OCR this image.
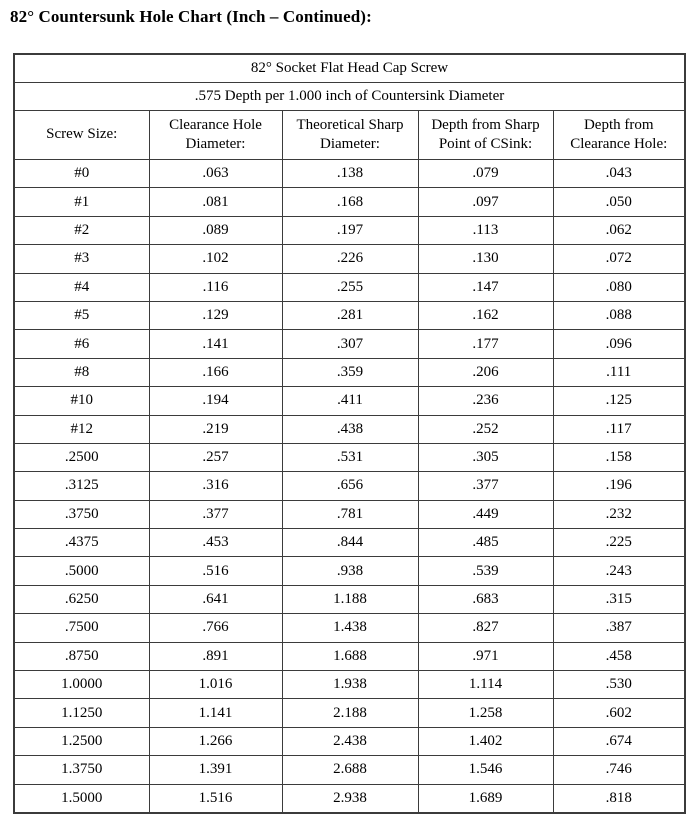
82° Countersunk Hole Chart (Inch – Continued):
82° Socket Flat Head Cap Screw				
.575 Depth per 1.000 inch of Countersink Diameter				
Screw Size:	Clearance Hole Diameter:	Theoretical Sharp Diameter:	Depth from Sharp Point of CSink:	Depth from Clearance Hole:
#0	.063	.138	.079	.043
#1	.081	.168	.097	.050
#2	.089	.197	.113	.062
#3	.102	.226	.130	.072
#4	.116	.255	.147	.080
#5	.129	.281	.162	.088
#6	.141	.307	.177	.096
#8	.166	.359	.206	.111
#10	.194	.411	.236	.125
#12	.219	.438	.252	.117
.2500	.257	.531	.305	.158
.3125	.316	.656	.377	.196
.3750	.377	.781	.449	.232
.4375	.453	.844	.485	.225
.5000	.516	.938	.539	.243
.6250	.641	1.188	.683	.315
.7500	.766	1.438	.827	.387
.8750	.891	1.688	.971	.458
1.0000	1.016	1.938	1.114	.530
1.1250	1.141	2.188	1.258	.602
1.2500	1.266	2.438	1.402	.674
1.3750	1.391	2.688	1.546	.746
1.5000	1.516	2.938	1.689	.818
